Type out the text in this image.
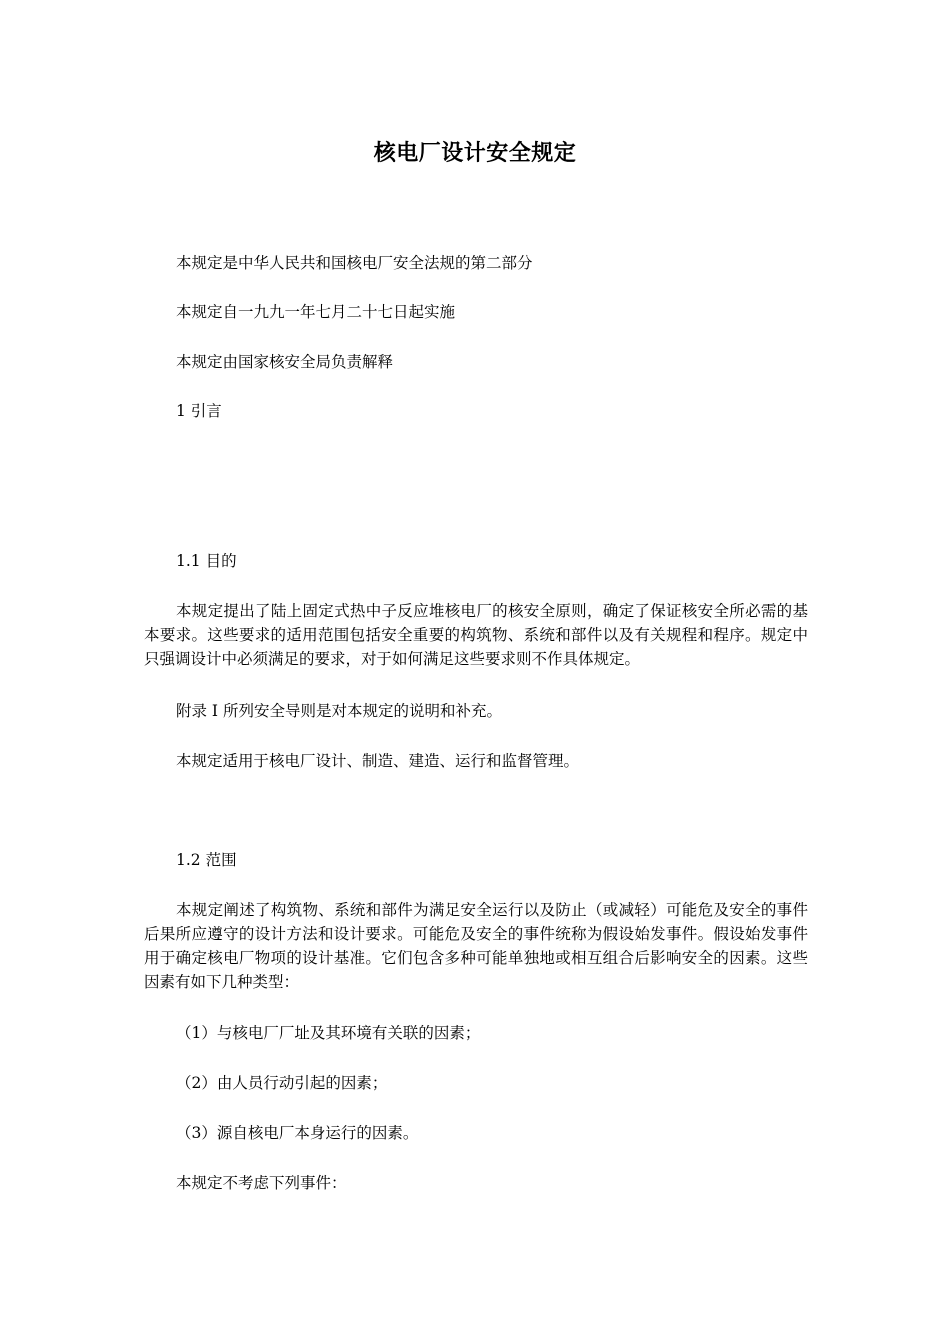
核电厂设计安全规定

本规定是中华人民共和国核电厂安全法规的第二部分

本规定自一九九一年七月二十七日起实施

本规定由国家核安全局负责解释

1 引言

1.1 目的

本规定提出了陆上固定式热中子反应堆核电厂的核安全原则，确定了保证核安全所必需的基本要求。这些要求的适用范围包括安全重要的构筑物、系统和部件以及有关规程和程序。规定中只强调设计中必须满足的要求，对于如何满足这些要求则不作具体规定。

附录 I 所列安全导则是对本规定的说明和补充。

本规定适用于核电厂设计、制造、建造、运行和监督管理。

1.2 范围

本规定阐述了构筑物、系统和部件为满足安全运行以及防止（或减轻）可能危及安全的事件后果所应遵守的设计方法和设计要求。可能危及安全的事件统称为假设始发事件。假设始发事件用于确定核电厂物项的设计基准。它们包含多种可能单独地或相互组合后影响安全的因素。这些因素有如下几种类型：

（1）与核电厂厂址及其环境有关联的因素；

（2）由人员行动引起的因素；

（3）源自核电厂本身运行的因素。

本规定不考虑下列事件：
